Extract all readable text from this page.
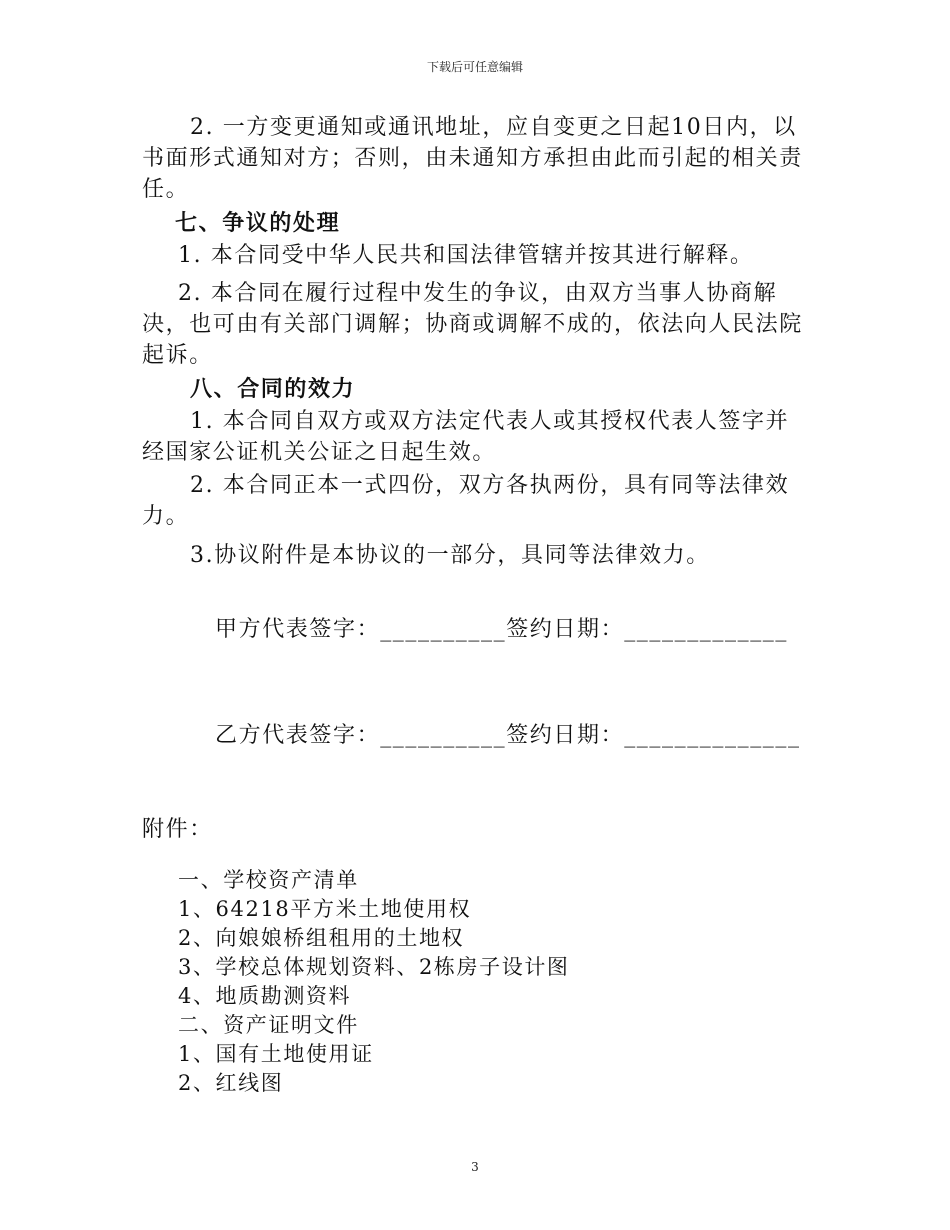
下载后可任意编辑
2. 一方变更通知或通讯地址，应自变更之日起10日内，以书面形式通知对方；否则，由未通知方承担由此而引起的相关责任。
七、争议的处理
1. 本合同受中华人民共和国法律管辖并按其进行解释。
2. 本合同在履行过程中发生的争议，由双方当事人协商解决，也可由有关部门调解；协商或调解不成的，依法向人民法院起诉。
八、合同的效力
1. 本合同自双方或双方法定代表人或其授权代表人签字并经国家公证机关公证之日起生效。
2. 本合同正本一式四份，双方各执两份，具有同等法律效力。
3.协议附件是本协议的一部分，具同等法律效力。
甲方代表签字：__________签约日期：_____________
乙方代表签字：__________签约日期：______________
附件：
一、学校资产清单
1、64218平方米土地使用权
2、向娘娘桥组租用的土地权
3、学校总体规划资料、2栋房子设计图
4、地质勘测资料
二、资产证明文件
1、国有土地使用证
2、红线图
3
